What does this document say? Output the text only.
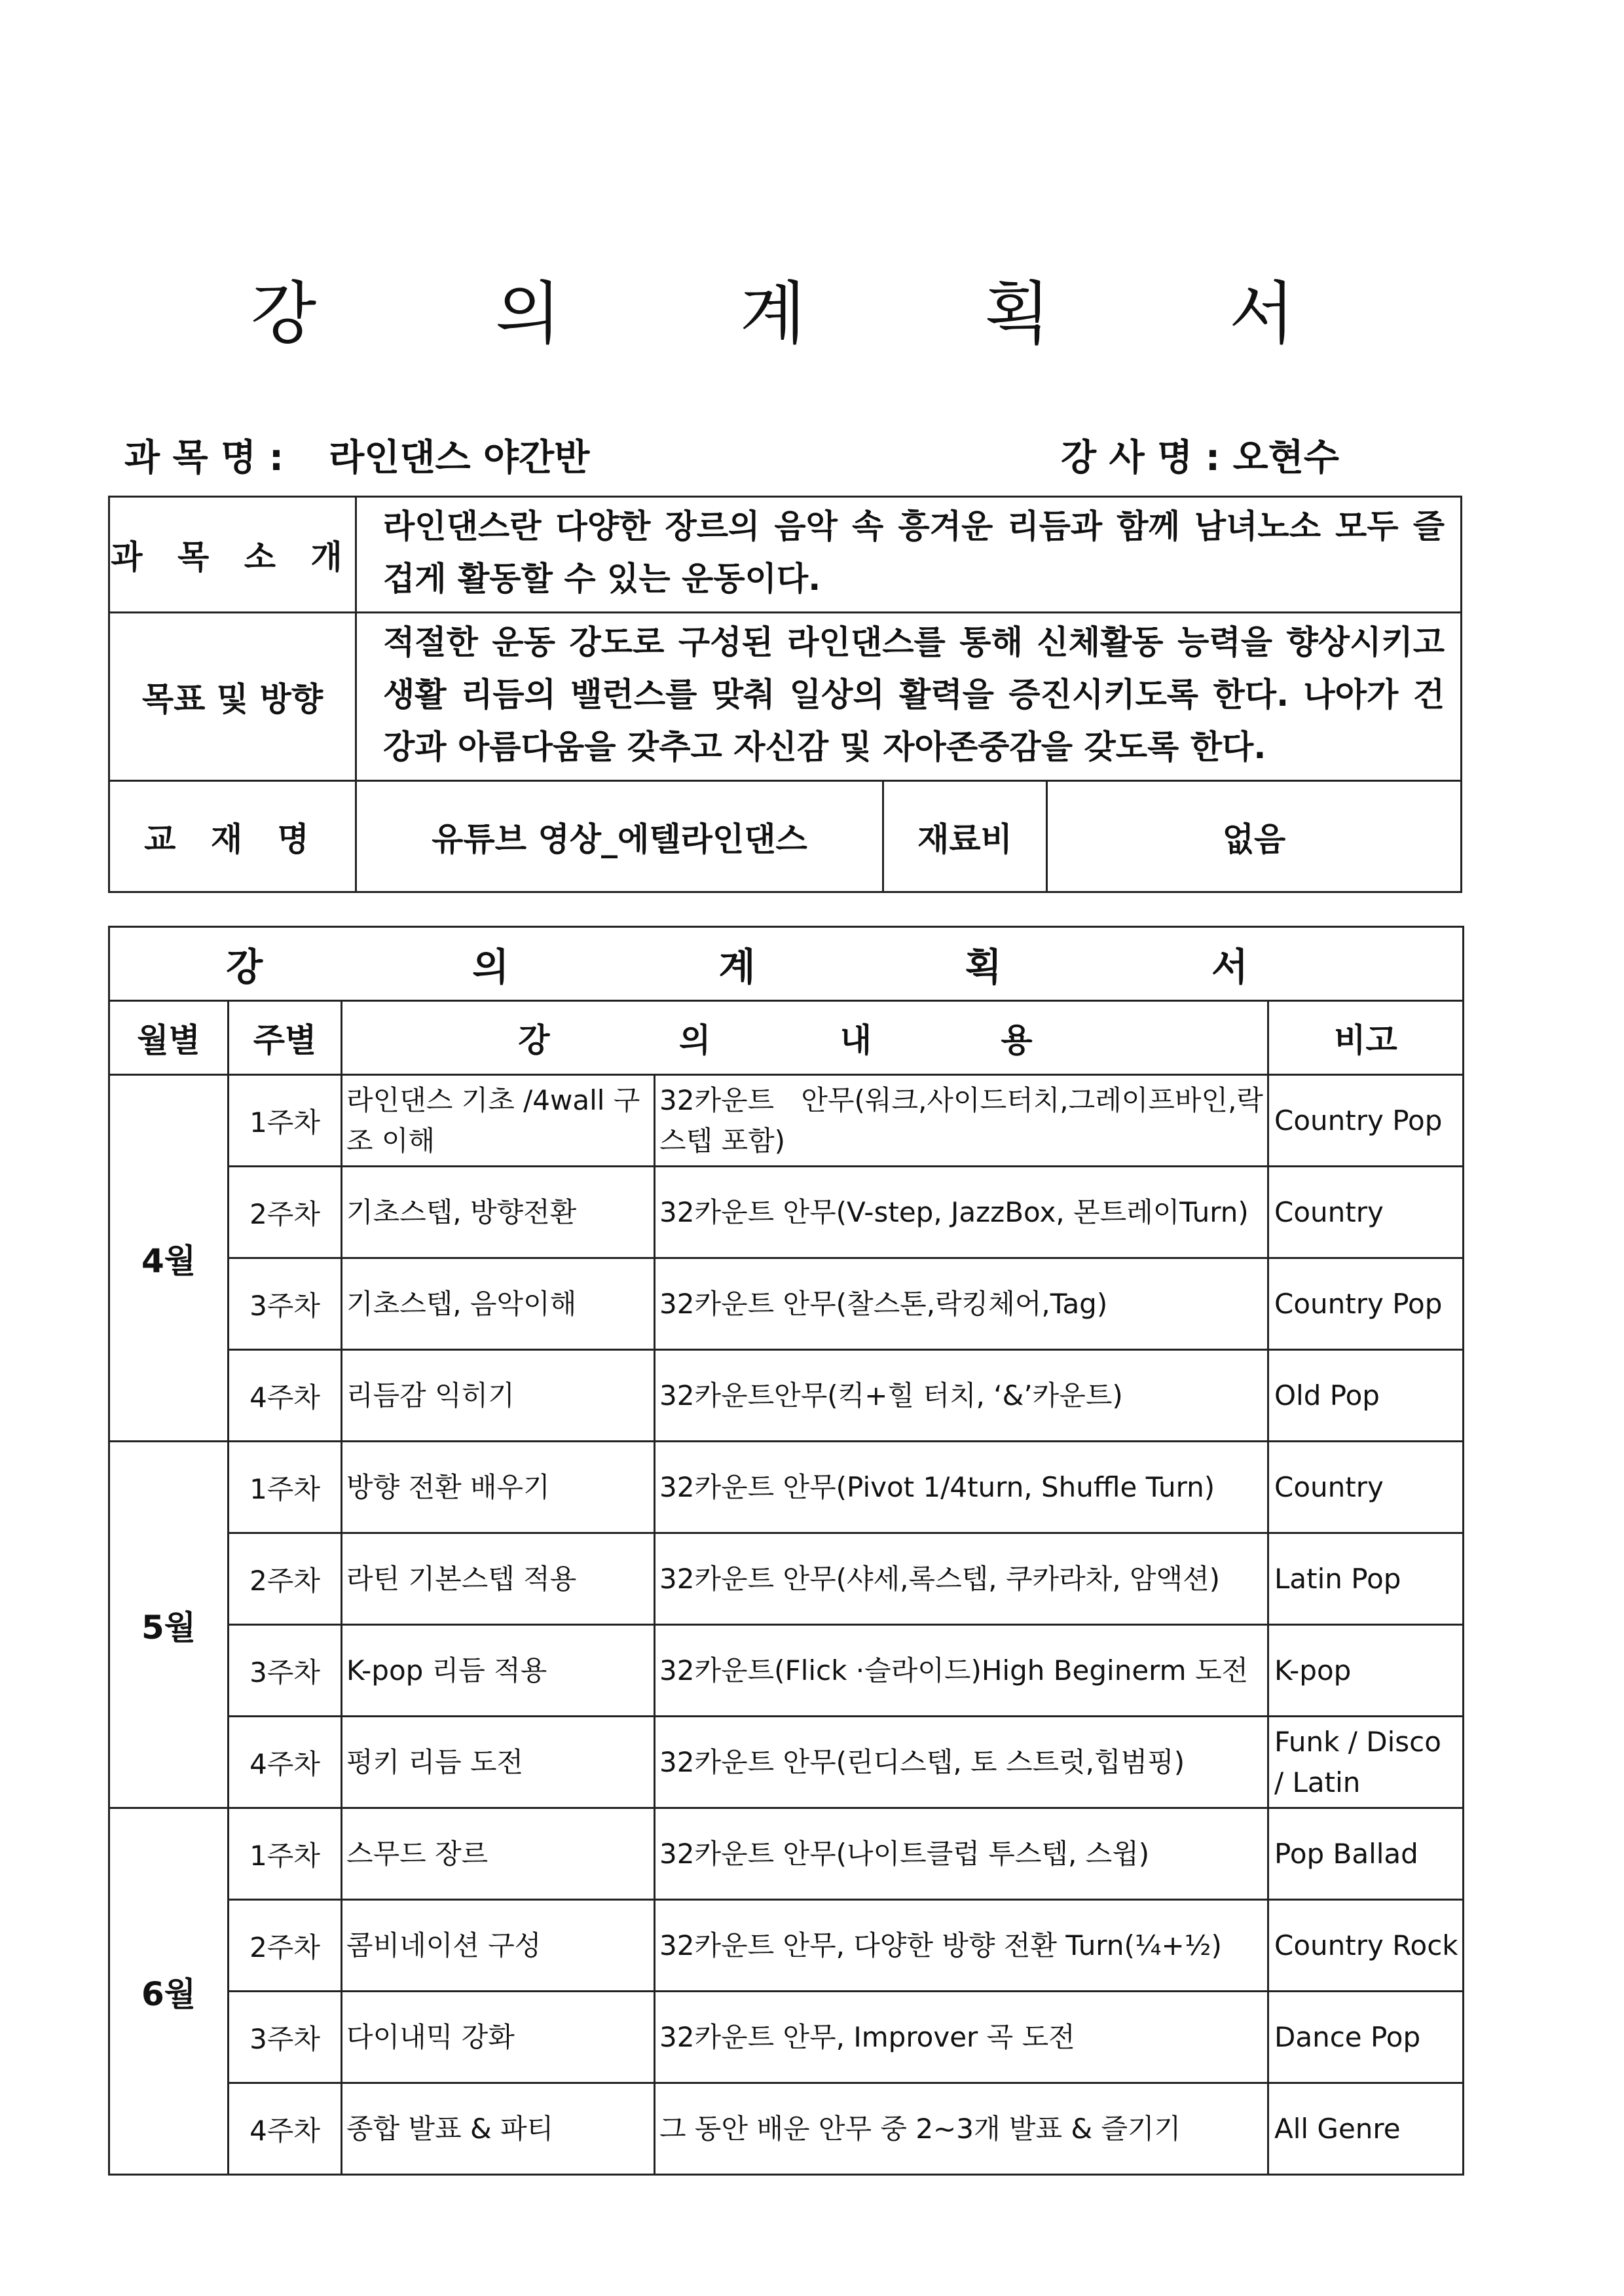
강 의 계 획 서
과 목 명 : 라인댄스 야간반	강 사 명 : 오현수
과 목 소 개	라인댄스란 다양한 장르의 음악 속 흥겨운 리듬과 함께 남녀노소 모두 즐겁게 활동할 수 있는 운동이다.		
목표 및 방향	적절한 운동 강도로 구성된 라인댄스를 통해 신체활동 능력을 향상시키고 생활 리듬의 밸런스를 맞춰 일상의 활력을 증진시키도록 한다. 나아가 건강과 아름다움을 갖추고 자신감 및 자아존중감을 갖도록 한다.		
교 재 명	유튜브 영상_에텔라인댄스	재료비	없음
강 의 계 획 서				
월별	주별	강 의 내 용		비고
4월	1주차	라인댄스 기초 /4wall 구조 이해	32카운트 안무(워크,사이드터치,그레이프바인,락스텝 포함)	Country Pop
	2주차	기초스텝, 방향전환	32카운트 안무(V-step, JazzBox, 몬트레이Turn)	Country
	3주차	기초스텝, 음악이해	32카운트 안무(찰스톤,락킹체어,Tag)	Country Pop
	4주차	리듬감 익히기	32카운트안무(킥+힐 터치, ‘&’카운트)	Old Pop
5월	1주차	방향 전환 배우기	32카운트 안무(Pivot 1/4turn, Shuffle Turn)	Country
	2주차	라틴 기본스텝 적용	32카운트 안무(샤세,록스텝, 쿠카라차, 암액션)	Latin Pop
	3주차	K-pop 리듬 적용	32카운트(Flick ·슬라이드)High Beginerm 도전	K-pop
	4주차	펑키 리듬 도전	32카운트 안무(린디스텝, 토 스트럿,힙범핑)	Funk / Disco / Latin
6월	1주차	스무드 장르	32카운트 안무(나이트클럽 투스텝, 스윕)	Pop Ballad
	2주차	콤비네이션 구성	32카운트 안무, 다양한 방향 전환 Turn(¼+½)	Country Rock
	3주차	다이내믹 강화	32카운트 안무, Improver 곡 도전	Dance Pop
	4주차	종합 발표 & 파티	그 동안 배운 안무 중 2~3개 발표 & 즐기기	All Genre
